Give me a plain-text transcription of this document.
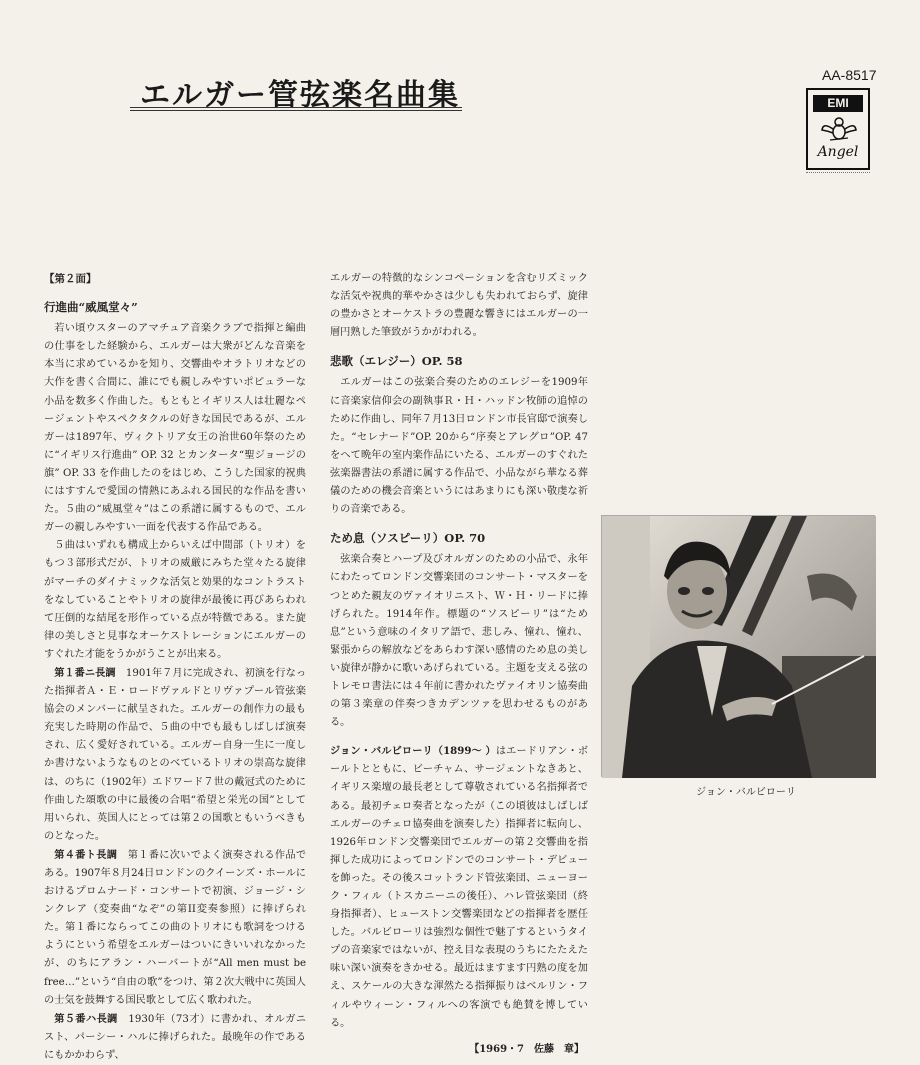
エルガー管弦楽名曲集
AA-8517
EMI
Angel
【第２面】
行進曲“威風堂々”

若い頃ウスターのアマチュア音楽クラブで指揮と編曲の仕事をした経験から、エルガーは大衆がどんな音楽を本当に求めているかを知り、交響曲やオラトリオなどの大作を書く合間に、誰にでも親しみやすいポピュラーな小品を数多く作曲した。もともとイギリス人は壮麗なページェントやスペクタクルの好きな国民であるが、エルガーは1897年、ヴィクトリア女王の治世60年祭のために“イギリス行進曲” OP. 32 とカンタータ“聖ジョージの旗” OP. 33 を作曲したのをはじめ、こうした国家的祝典にはすすんで愛国の情熱にあふれる国民的な作品を書いた。５曲の“威風堂々”はこの系譜に属するもので、エルガーの親しみやすい一面を代表する作品である。

５曲はいずれも構成上からいえば中間部（トリオ）をもつ３部形式だが、トリオの威厳にみちた堂々たる旋律がマーチのダイナミックな活気と効果的なコントラストをなしていることやトリオの旋律が最後に再びあらわれて圧倒的な結尾を形作っている点が特徴である。また旋律の美しさと見事なオーケストレーションにエルガーのすぐれた才能をうかがうことが出来る。

第１番ニ長調　 1901年７月に完成され、初演を行なった指揮者Ａ・Ｅ・ロードヴァルドとリヴァプール管弦楽協会のメンバーに献呈された。エルガーの創作力の最も充実した時期の作品で、５曲の中でも最もしばしば演奏され、広く愛好されている。エルガー自身一生に一度しか書けないようなものとのべているトリオの崇高な旋律は、のちに（1902年）エドワード７世の戴冠式のために作曲した頌歌の中に最後の合唱“希望と栄光の国”として用いられ、英国人にとっては第２の国歌ともいうべきものとなった。

第４番ト長調　 第１番に次いでよく演奏される作品である。1907年８月24日ロンドンのクイーンズ・ホールにおけるプロムナード・コンサートで初演、ジョージ・シンクレア（変奏曲“なぞ”の第II変奏参照）に捧げられた。第１番にならってこの曲のトリオにも歌詞をつけるようにという希望をエルガーはついにきいいれなかったが、のちにアラン・ハーバートが“All men must be free…”という“自由の歌”をつけ、第２次大戦中に英国人の士気を鼓舞する国民歌として広く歌われた。

第５番ハ長調　 1930年（73才）に書かれ、オルガニスト、パーシー・ハルに捧げられた。最晩年の作であるにもかかわらず、

エルガーの特徴的なシンコペーションを含むリズミックな活気や祝典的華やかさは少しも失われておらず、旋律の豊かさとオーケストラの豊麗な響きにはエルガーの一層円熟した筆致がうかがわれる。

悲歌（エレジー）OP. 58

エルガーはこの弦楽合奏のためのエレジーを1909年に音楽家信仰会の副執事Ｒ・Ｈ・ハッドン牧師の追悼のために作曲し、同年７月13日ロンドン市長官邸で演奏した。“セレナード”OP. 20から“序奏とアレグロ”OP. 47をへて晩年の室内楽作品にいたる、エルガーのすぐれた弦楽器書法の系譜に属する作品で、小品ながら華なる葬儀のための機会音楽というにはあまりにも深い敬虔な祈りの音楽である。

ため息（ソスピーリ）OP. 70

弦楽合奏とハープ及びオルガンのための小品で、永年にわたってロンドン交響楽団のコンサート・マスターをつとめた親友のヴァイオリニスト、Ｗ・Ｈ・リードに捧げられた。1914年作。標題の“ソスピーリ”は“ため息”という意味のイタリア語で、悲しみ、憧れ、憧れ、緊張からの解放などをあらわす深い感情のため息の美しい旋律が静かに歌いあげられている。主題を支える弦のトレモロ書法には４年前に書かれたヴァイオリン協奏曲の第３楽章の伴奏つきカデンツァを思わせるものがある。

ジョン・バルビローリ（1899〜 ）はエードリアン・ボールトとともに、ビーチャム、サージェントなきあと、イギリス楽壇の最長老として尊敬されている名指揮者である。最初チェロ奏者となったが（この頃彼はしばしばエルガーのチェロ協奏曲を演奏した）指揮者に転向し、1926年ロンドン交響楽団でエルガーの第２交響曲を指揮した成功によってロンドンでのコンサート・デビューを飾った。その後スコットランド管弦楽団、ニューヨーク・フィル（トスカニーニの後任）、ハレ管弦楽団（終身指揮者）、ヒューストン交響楽団などの指揮者を歴任した。バルビローリは強烈な個性で魅了するというタイプの音楽家ではないが、控え目な表現のうちにたたえた味い深い演奏をきかせる。最近はますます円熟の度を加え、スケールの大きな渾然たる指揮振りはベルリン・フィルやウィーン・フィルへの客演でも絶賛を博している。

【1969・7　佐藤　章】
ジョン・バルビローリ
